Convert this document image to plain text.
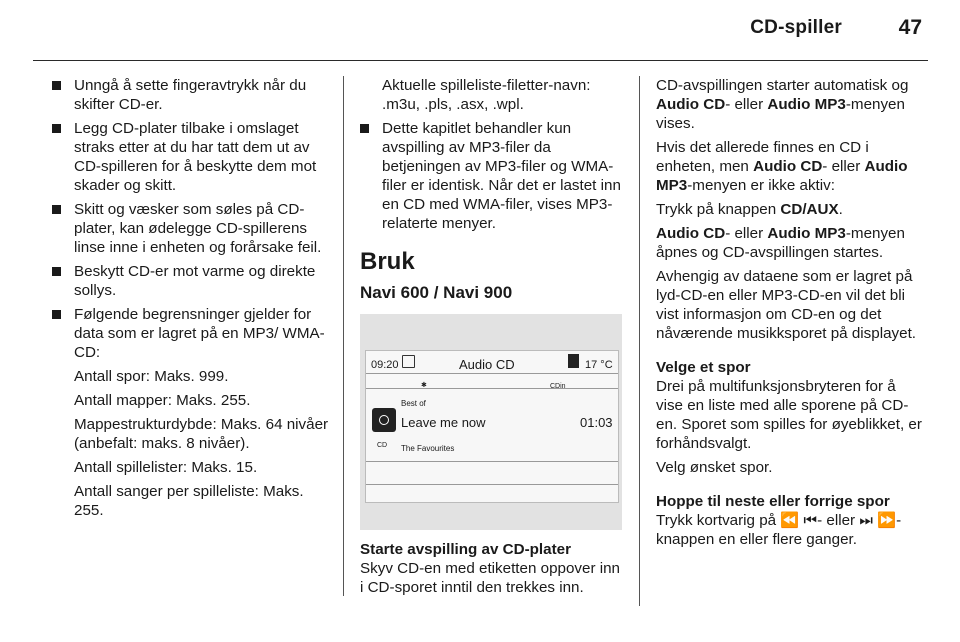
CD-spiller	47
Unngå å sette fingeravtrykk når du skifter CD-er.
Legg CD-plater tilbake i omslaget straks etter at du har tatt dem ut av CD-spilleren for å beskytte dem mot skader og skitt.
Skitt og væsker som søles på CD-plater, kan ødelegge CD-spillerens linse inne i enheten og forårsake feil.
Beskytt CD-er mot varme og direkte sollys.
Følgende begrensninger gjelder for data som er lagret på en MP3/ WMA-CD:
Antall spor: Maks. 999.
Antall mapper: Maks. 255.
Mappestrukturdybde: Maks. 64 nivåer (anbefalt: maks. 8 nivåer).
Antall spillelister: Maks. 15.
Antall sanger per spilleliste: Maks. 255.
Aktuelle spilleliste-filetter-navn: .m3u, .pls, .asx, .wpl.
Dette kapitlet behandler kun avspilling av MP3-filer da betjeningen av MP3-filer og WMA-filer er identisk. Når det er lastet inn en CD med WMA-filer, vises MP3-relaterte menyer.
Bruk
Navi 600 / Navi 900
09:20	Audio CD	17 °C
✱	CDin
Best of
Leave me now	01:03
CD The Favourites
Starte avspilling av CD-plater
Skyv CD-en med etiketten oppover inn i CD-sporet inntil den trekkes inn.
CD-avspillingen starter automatisk og Audio CD- eller Audio MP3-menyen vises.
Hvis det allerede finnes en CD i enheten, men Audio CD- eller Audio MP3-menyen er ikke aktiv:
Trykk på knappen CD/AUX.
Audio CD- eller Audio MP3-menyen åpnes og CD-avspillingen startes.
Avhengig av dataene som er lagret på lyd-CD-en eller MP3-CD-en vil det bli vist informasjon om CD-en og det nåværende musikksporet på displayet.
Velge et spor
Drei på multifunksjonsbryteren for å vise en liste med alle sporene på CD-en. Sporet som spilles for øyeblikket, er forhåndsvalgt.
Velg ønsket spor.
Hoppe til neste eller forrige spor
Trykk kortvarig på ⏪ ⏮- eller ⏭ ⏩-knappen en eller flere ganger.
